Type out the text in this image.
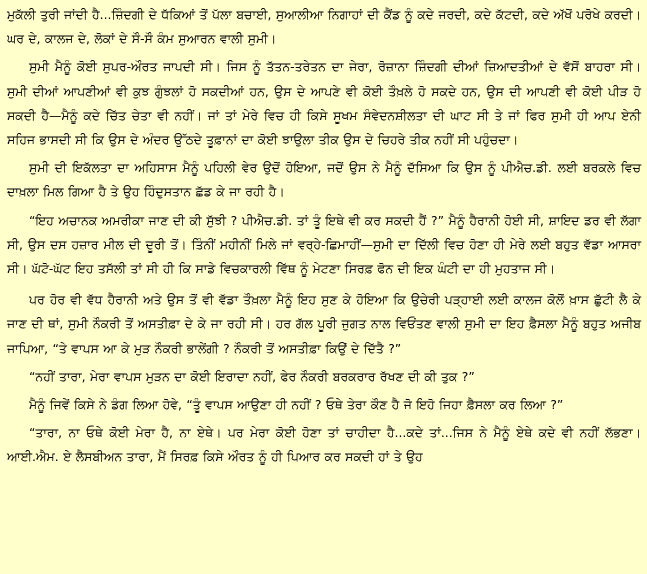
ਮੁਕੱਲੀ ਤੁਰੀ ਜਾਂਦੀ ਹੈ...ਜ਼ਿੰਦਗੀ ਦੇ ਧੱਕਿਆਂ ਤੋਂ ਪੱਲਾ ਬਚਾਈ, ਸੁਆਲੀਆ ਨਿਗਾਹਾਂ ਦੀ ਕੈਂਡ ਨੂੰ ਕਦੇ ਜਰਦੀ, ਕਦੇ ਕੱਟਦੀ, ਕਦੇ ਅੱਖੋਂ ਪਰੋਖੇ ਕਰਦੀ। ਘਰ ਦੇ, ਕਾਲਜ ਦੇ, ਲੋਕਾਂ ਦੇ ਸੌ-ਸੌ ਕੰਮ ਸੁਆਰਨ ਵਾਲੀ ਸੁਮੀ।

ਸੁਮੀ ਮੈਨੂੰ ਕੋਈ ਸੁਪਰ-ਔਰਤ ਜਾਪਦੀ ਸੀ। ਜਿਸ ਨੂੰ ਤੱਤਨ-ਤਰੇਤਨ ਦਾ ਜੇਰਾ, ਰੋਜ਼ਾਨਾ ਜ਼ਿੰਦਗੀ ਦੀਆਂ ਜ਼ਿਆਦਤੀਆਂ ਦੇ ਵੱਸੋਂ ਬਾਹਰਾ ਸੀ। ਸੁਮੀ ਦੀਆਂ ਆਪਣੀਆਂ ਵੀ ਕੁਝ ਗੁੰਝਲਾਂ ਹੋ ਸਕਦੀਆਂ ਹਨ, ਉਸ ਦੇ ਆਪਣੇ ਵੀ ਕੋਈ ਤੌਖ਼ਲੇ ਹੋ ਸਕਦੇ ਹਨ, ਉਸ ਦੀ ਆਪਣੀ ਵੀ ਕੋਈ ਪੀੜ ਹੋ ਸਕਦੀ ਹੈ—ਮੈਨੂੰ ਕਦੇ ਚਿੱਤ ਚੇਤਾ ਵੀ ਨਹੀਂ। ਜਾਂ ਤਾਂ ਮੇਰੇ ਵਿਚ ਹੀ ਕਿਸੇ ਸੂਖਮ ਸੰਵੇਦਨਸ਼ੀਲਤਾ ਦੀ ਘਾਟ ਸੀ ਤੇ ਜਾਂ ਫਿਰ ਸੁਮੀ ਹੀ ਆਪ ਏਨੀ ਸਹਿਜ ਭਾਸਦੀ ਸੀ ਕਿ ਉਸ ਦੇ ਅੰਦਰ ਉੱਠਦੇ ਤੂਫ਼ਾਨਾਂ ਦਾ ਕੋਈ ਝਾਉਲਾ ਤੀਕ ਉਸ ਦੇ ਚਿਹਰੇ ਤੀਕ ਨਹੀਂ ਸੀ ਪਹੁੰਚਦਾ।

ਸੁਮੀ ਦੀ ਇਕੱਲਤਾ ਦਾ ਅਹਿਸਾਸ ਮੈਨੂੰ ਪਹਿਲੀ ਵੇਰ ਉਦੋਂ ਹੋਇਆ, ਜਦੋਂ ਉਸ ਨੇ ਮੈਨੂੰ ਦੱਸਿਆ ਕਿ ਉਸ ਨੂੰ ਪੀਐਚ.ਡੀ. ਲਈ ਬਰਕਲੇ ਵਿਚ ਦਾਖ਼ਲਾ ਮਿਲ ਗਿਆ ਹੈ ਤੇ ਉਹ ਹਿੰਦੁਸਤਾਨ ਛੱਡ ਕੇ ਜਾ ਰਹੀ ਹੈ।

“ਇਹ ਅਚਾਨਕ ਅਮਰੀਕਾ ਜਾਣ ਦੀ ਕੀ ਸੁੱਝੀ ? ਪੀਐਚ.ਡੀ. ਤਾਂ ਤੂੰ ਇਥੇ ਵੀ ਕਰ ਸਕਦੀ ਹੈਂ ?” ਮੈਨੂੰ ਹੈਰਾਨੀ ਹੋਈ ਸੀ, ਸ਼ਾਇਦ ਡਰ ਵੀ ਲੱਗਾ ਸੀ, ਉਸ ਦਸ ਹਜ਼ਾਰ ਮੀਲ ਦੀ ਦੂਰੀ ਤੋਂ। ਤਿੰਨੀਂ ਮਹੀਨੀਂ ਮਿਲੇ ਜਾਂ ਵਰ੍ਹੇ-ਛਿਮਾਹੀਂ—ਸੁਮੀ ਦਾ ਦਿੱਲੀ ਵਿਚ ਹੋਣਾ ਹੀ ਮੇਰੇ ਲਈ ਬਹੁਤ ਵੱਡਾ ਆਸਰਾ ਸੀ। ਘੱਟੋ-ਘੱਟ ਇਹ ਤਸੱਲੀ ਤਾਂ ਸੀ ਹੀ ਕਿ ਸਾਡੇ ਵਿਚਕਾਰਲੀ ਵਿੱਥ ਨੂੰ ਮੇਟਣਾ ਸਿਰਫ਼ ਫੋਨ ਦੀ ਇਕ ਘੰਟੀ ਦਾ ਹੀ ਮੁਹਤਾਜ ਸੀ।

ਪਰ ਹੋਰ ਵੀ ਵੱਧ ਹੈਰਾਨੀ ਅਤੇ ਉਸ ਤੋਂ ਵੀ ਵੱਡਾ ਤੌਖ਼ਲਾ ਮੈਨੂੰ ਇਹ ਸੁਣ ਕੇ ਹੋਇਆ ਕਿ ਉਚੇਰੀ ਪੜ੍ਹਾਈ ਲਈ ਕਾਲਜ ਕੋਲੋਂ ਖ਼ਾਸ ਛੁੱਟੀ ਲੈ ਕੇ ਜਾਣ ਦੀ ਥਾਂ, ਸੁਮੀ ਨੌਕਰੀ ਤੋਂ ਅਸਤੀਫ਼ਾ ਦੇ ਕੇ ਜਾ ਰਹੀ ਸੀ। ਹਰ ਗੱਲ ਪੂਰੀ ਜੁਗਤ ਨਾਲ ਵਿਓਂਤਣ ਵਾਲੀ ਸੁਮੀ ਦਾ ਇਹ ਫ਼ੈਸਲਾ ਮੈਨੂੰ ਬਹੁਤ ਅਜੀਬ ਜਾਪਿਆ, “ਤੇ ਵਾਪਸ ਆ ਕੇ ਮੁੜ ਨੌਕਰੀ ਭਾਲੇਂਗੀ ? ਨੌਕਰੀ ਤੋਂ ਅਸਤੀਫ਼ਾ ਕਿਉਂ ਦੇ ਦਿੱਤੈ ?”

“ਨਹੀਂ ਤਾਰਾ, ਮੇਰਾ ਵਾਪਸ ਮੁੜਨ ਦਾ ਕੋਈ ਇਰਾਦਾ ਨਹੀਂ, ਫੇਰ ਨੌਕਰੀ ਬਰਕਰਾਰ ਰੱਖਣ ਦੀ ਕੀ ਤੁਕ ?”

ਮੈਨੂੰ ਜਿਵੇਂ ਕਿਸੇ ਨੇ ਡੰਗ ਲਿਆ ਹੋਵੇ, “ਤੂੰ ਵਾਪਸ ਆਉਣਾ ਹੀ ਨਹੀਂ ? ਓਥੇ ਤੇਰਾ ਕੌਣ ਹੈ ਜੋ ਇਹੋ ਜਿਹਾ ਫ਼ੈਸਲਾ ਕਰ ਲਿਆ ?”

“ਤਾਰਾ, ਨਾ ਓਥੇ ਕੋਈ ਮੇਰਾ ਹੈ, ਨਾ ਏਥੇ। ਪਰ ਮੇਰਾ ਕੋਈ ਹੋਣਾ ਤਾਂ ਚਾਹੀਦਾ ਹੈ...ਕਦੇ ਤਾਂ...ਜਿਸ ਨੇ ਮੈਨੂੰ ਏਥੇ ਕਦੇ ਵੀ ਨਹੀਂ ਲੱਭਣਾ। ਆਈ.ਐਮ. ਏ ਲੈਸਬੀਅਨ ਤਾਰਾ, ਮੈਂ ਸਿਰਫ਼ ਕਿਸੇ ਔਰਤ ਨੂੰ ਹੀ ਪਿਆਰ ਕਰ ਸਕਦੀ ਹਾਂ ਤੇ ਉਹ
